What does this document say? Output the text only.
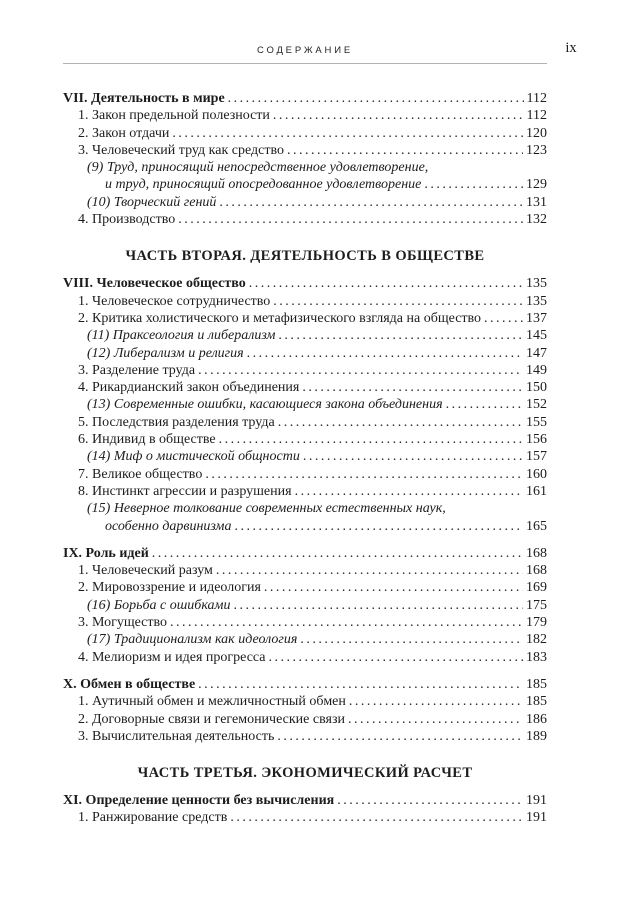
СОДЕРЖАНИЕ	ix
VII. Деятельность в мире .....	112
1. Закон предельной полезности .....	112
2. Закон отдачи .....	120
3. Человеческий труд как средство .....	123
(9) Труд, приносящий непосредственное удовлетворение,
и труд, приносящий опосредованное удовлетворение .....	129
(10) Творческий гений .....	131
4. Производство .....	132
ЧАСТЬ ВТОРАЯ. ДЕЯТЕЛЬНОСТЬ В ОБЩЕСТВЕ
VIII. Человеческое общество .....	135
1. Человеческое сотрудничество .....	135
2. Критика холистического и метафизического взгляда на общество .....	137
(11) Праксеология и либерализм .....	145
(12) Либерализм и религия .....	147
3. Разделение труда .....	149
4. Рикардианский закон объединения .....	150
(13) Современные ошибки, касающиеся закона объединения .....	152
5. Последствия разделения труда .....	155
6. Индивид в обществе .....	156
(14) Миф о мистической общности .....	157
7. Великое общество .....	160
8. Инстинкт агрессии и разрушения .....	161
(15) Неверное толкование современных естественных наук,
особенно дарвинизма .....	165
IX. Роль идей .....	168
1. Человеческий разум .....	168
2. Мировоззрение и идеология .....	169
(16) Борьба с ошибками .....	175
3. Могущество .....	179
(17) Традиционализм как идеология .....	182
4. Мелиоризм и идея прогресса .....	183
X. Обмен в обществе .....	185
1. Аутичный обмен и межличностный обмен .....	185
2. Договорные связи и гегемонические связи .....	186
3. Вычислительная деятельность .....	189
ЧАСТЬ ТРЕТЬЯ. ЭКОНОМИЧЕСКИЙ РАСЧЕТ
XI. Определение ценности без вычисления .....	191
1. Ранжирование средств .....	191
